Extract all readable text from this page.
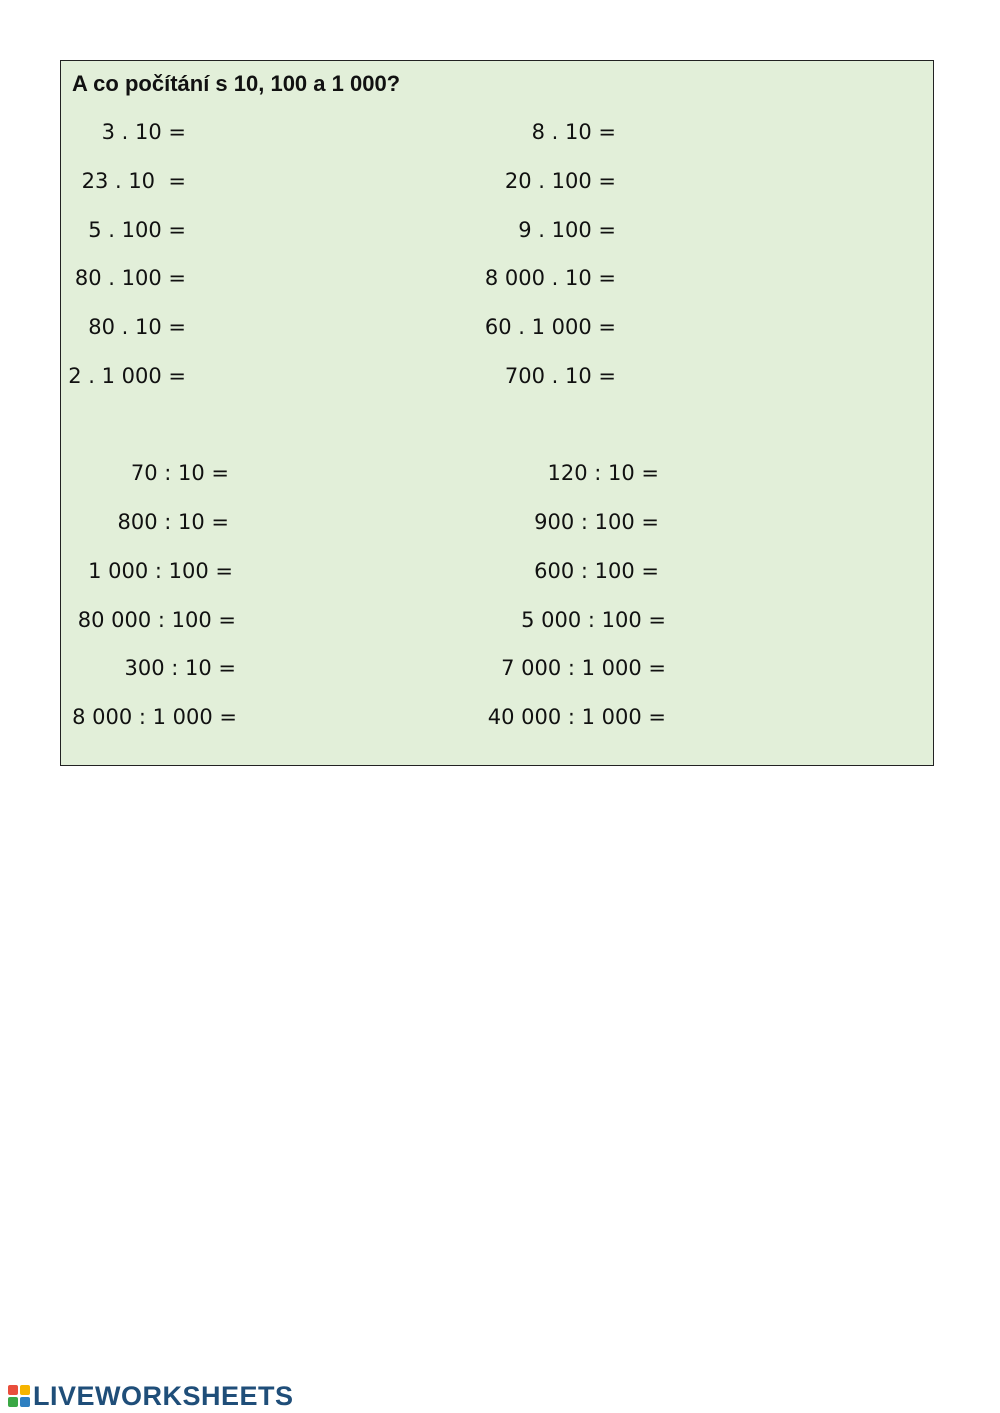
A co počítání s 10, 100 a 1 000?
3 . 10 =
23 . 10  =
5 . 100 =
80 . 100 =
80 . 10 =
2 . 1 000 =
8 . 10 =
20 . 100 =
9 . 100 =
8 000 . 10 =
60 . 1 000 =
700 . 10 =
70 : 10 =
800 : 10 =
1 000 : 100 =
80 000 : 100 =
300 : 10 =
8 000 : 1 000 =
120 : 10 =
900 : 100 =
600 : 100 =
5 000 : 100 =
7 000 : 1 000 =
40 000 : 1 000 =
LIVEWORKSHEETS
